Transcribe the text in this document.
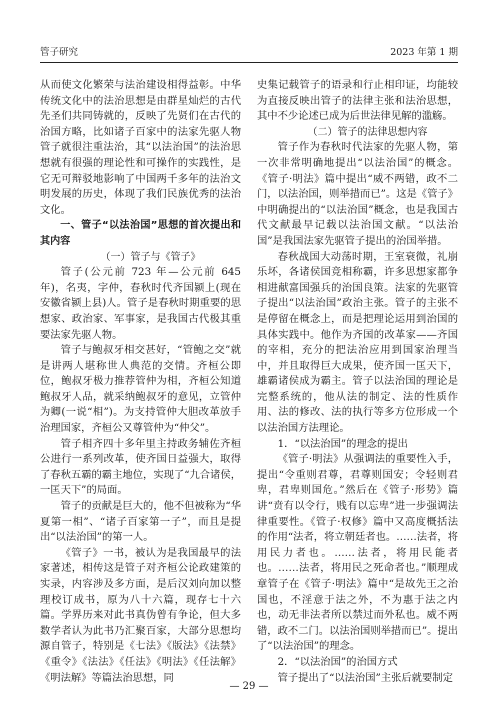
管子研究	2023 年第 1 期

从而使文化繁荣与法治建设相得益彰。中华传统文化中的法治思想是由群星灿烂的古代先圣们共同铸就的，反映了先贤们在古代的治国方略，比如诸子百家中的法家先驱人物管子就很注重法治，其“以法治国”的法治思想就有很强的理论性和可操作的实践性，是它无可辩驳地影响了中国两千多年的法治文明发展的历史，体现了我们民族优秀的法治文化。

一、管子“以法治国”思想的首次提出和其内容

（一）管子与《管子》

管子(公元前 723 年—公元前 645 年)，名夷，字仲，春秋时代齐国颍上(现在安徽省颍上县)人。管子是春秋时期重要的思想家、政治家、军事家，是我国古代极其重要法家先驱人物。

管子与鲍叔牙相交甚好，“管鲍之交”就是讲两人堪称世人典范的交情。齐桓公即位，鲍叔牙极力推荐管仲为相，齐桓公知道鲍叔牙人品，就采纳鲍叔牙的意见，立管仲为卿(一说“相”)。为支持管仲大胆改革放手治理国家，齐桓公又尊管仲为“仲父”。

管子相齐四十多年里主持政务辅佐齐桓公进行一系列改革，使齐国日益强大，取得了春秋五霸的霸主地位，实现了“九合诸侯，一匡天下”的局面。

管子的贡献是巨大的，他不但被称为“华夏第一相”、“诸子百家第一子”，而且是提出“以法治国”的第一人。

《管子》一书，被认为是我国最早的法家著述，相传这是管子对齐桓公论政建策的实录，内容涉及多方面，是后汉刘向加以整理校订成书，原为八十六篇，现存七十六篇。学界历来对此书真伪曾有争论，但大多数学者认为此书乃汇聚百家，大部分思想均源自管子，特别是《七法》《版法》《法禁》《重令》《法法》《任法》《明法》《任法解》《明法解》等篇法治思想，同

史集记载管子的语录和行止相印证，均能较为直接反映出管子的法律主张和法治思想，其中不少论述已成为后世法律见解的滥觞。

（二）管子的法律思想内容

管子作为春秋时代法家的先驱人物，第一次非常明确地提出“以法治国”的概念。《管子·明法》篇中提出“威不两错，政不二门，以法治国，则举措而已”。这是《管子》中明确提出的“以法治国”概念，也是我国古代文献最早记载以法治国文献。“以法治国”是我国法家先驱管子提出的治国举措。

春秋战国大动荡时期，王室衰微，礼崩乐坏，各诸侯国竞相称霸，许多思想家都争相进献富国强兵的治国良策。法家的先驱管子提出“以法治国”政治主张。管子的主张不是停留在概念上，而是把理论运用到治国的具体实践中。他作为齐国的改革家——齐国的宰相，充分的把法治应用到国家治理当中，并且取得巨大成果，使齐国一匡天下，雄霸诸侯成为霸主。管子以法治国的理论是完整系统的，他从法的制定、法的性质作用、法的修改、法的执行等多方位形成一个以法治国方法理论。

1．“以法治国”的理念的提出

《管子·明法》从强调法的重要性入手，提出“令重则君尊，君尊则国安；令轻则君卑，君卑则国危。”然后在《管子·形势》篇讲“贲有以令行，贱有以忘卑”进一步强调法律重要性。《管子·权修》篇中又高度概括法的作用“法者，将立朝廷者也。……法者，将用民力者也。……法者，将用民能者也。……法者，将用民之死命者也。”顺理成章管子在《管子·明法》篇中“是故先王之治国也，不淫意于法之外，不为惠于法之内也，动无非法者所以禁过而外私也。威不两错，政不二门。以法治国则举措而已”。提出了“以法治国”的理念。

2．“以法治国”的治国方式

管子提出了“以法治国”主张后就要制定

— 29 —
